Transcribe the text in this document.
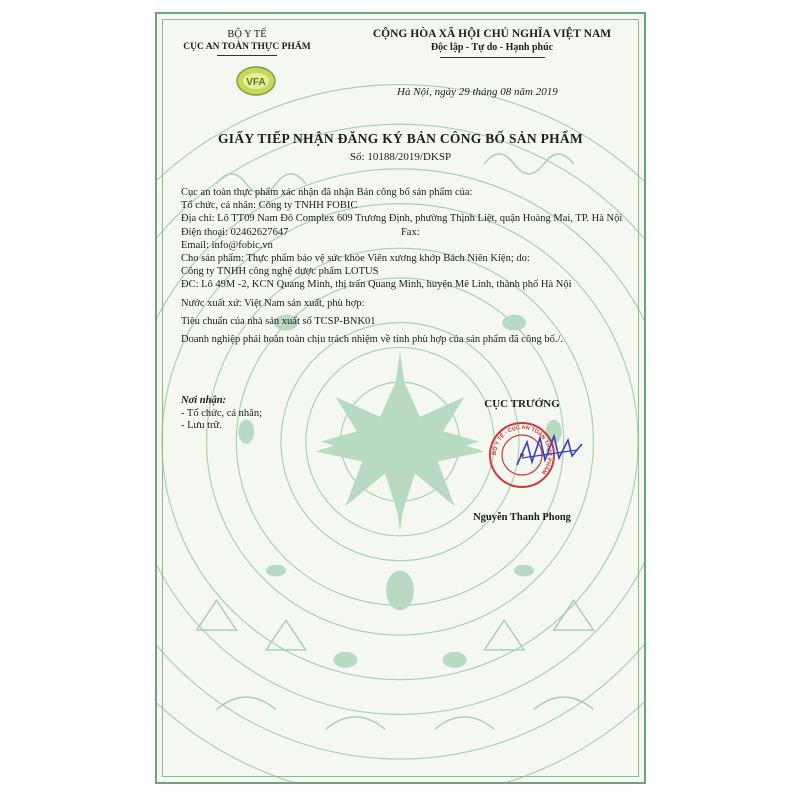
BỘ Y TẾ
CỤC AN TOÀN THỰC PHẨM
VFA
CỘNG HÒA XÃ HỘI CHỦ NGHĨA VIỆT NAM
Độc lập - Tự do - Hạnh phúc
Hà Nội, ngày 29 tháng 08 năm 2019
GIẤY TIẾP NHẬN ĐĂNG KÝ BẢN CÔNG BỐ SẢN PHẨM
Số: 10188/2019/DKSP

Cục an toàn thực phẩm xác nhận đã nhận Bản công bố sản phẩm của:

Tổ chức, cá nhân: Công ty TNHH FOBIC

Địa chỉ: Lô TT09 Nam Đô Complex 609 Trương Định, phường Thịnh Liệt, quận Hoàng Mai, TP. Hà Nội

Điện thoại: 02462627647	Fax:

Email: info@fobic.vn

Cho sản phẩm: Thực phẩm bảo vệ sức khỏe Viên xương khớp Bách Niên Kiện; do:

Công ty TNHH công nghệ dược phẩm LOTUS

ĐC: Lô 49M -2, KCN Quang Minh, thị trấn Quang Minh, huyện Mê Linh, thành phố Hà Nội

Nước xuất xứ: Việt Nam sản xuất, phù hợp:

Tiêu chuẩn của nhà sản xuất số TCSP-BNK01

Doanh nghiệp phải hoàn toàn chịu trách nhiệm về tính phù hợp của sản phẩm đã công bố./.

Nơi nhận:
- Tổ chức, cá nhân;
- Lưu trữ.
CỤC TRƯỞNG
BỘ Y TẾ - CỤC AN TOÀN THỰC PHẨM
Nguyễn Thanh Phong
